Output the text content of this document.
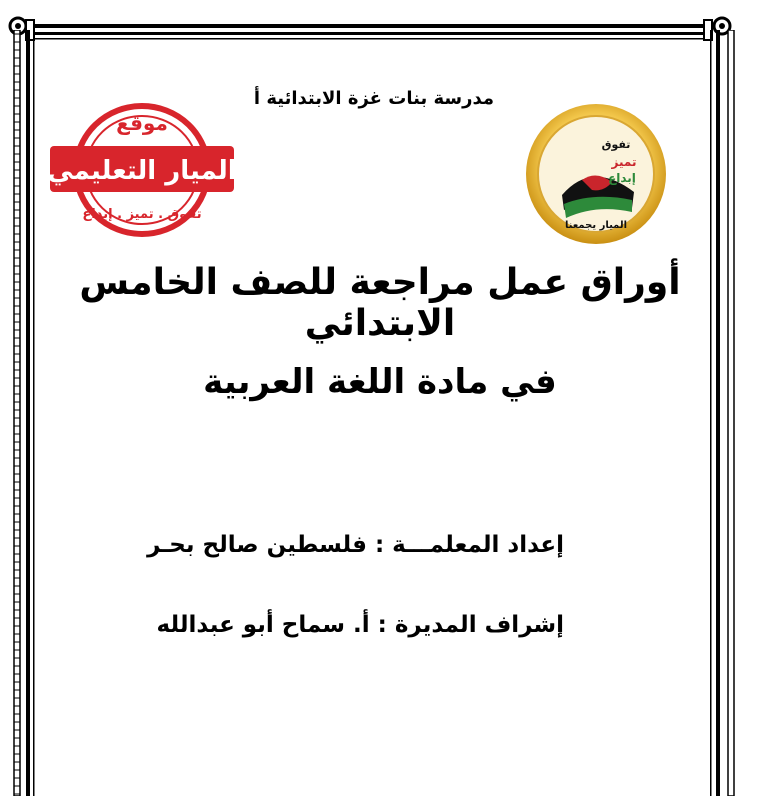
مدرسة بنات غزة الابتدائية أ
تفوق
تميز
إبداع
الميار يجمعنا
موقع
الميار التعليمي
تفوق . تميز . إبداع
أوراق عمل مراجعة للصف الخامس الابتدائي
في مادة اللغة العربية
إعداد المعلمـــة : فلسطين صالح بحـر
إشراف المديرة : أ. سماح أبو عبدالله
